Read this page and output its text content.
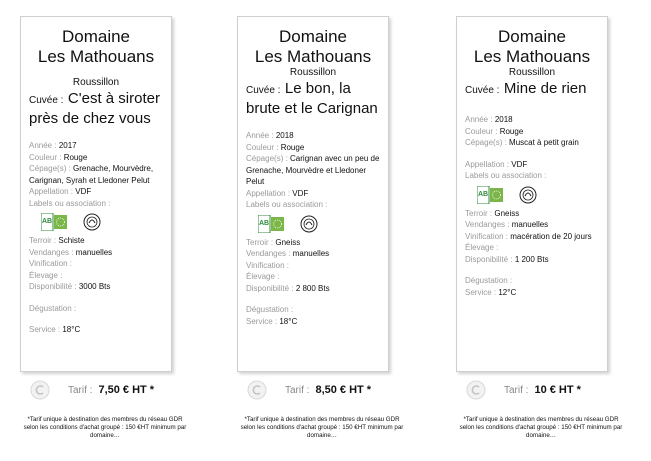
Domaine
Les Mathouans
Roussillon
Cuvée : C'est à siroter près de chez vous
Année : 2017
Couleur : Rouge
Cépage(s) : Grenache, Mourvèdre, Carignan, Syrah et Lledoner Pelut
Appellation : VDF
Labels ou association :
AB
Terroir : Schiste
Vendanges : manuelles
Vinification :
Élevage :
Disponibilité : 3000 Bts
Dégustation :
Service : 18°C
Domaine
Les Mathouans
Roussillon
Cuvée : Le bon, la brute et le Carignan
Année : 2018
Couleur : Rouge
Cépage(s) : Carignan avec un peu de Grenache, Mourvèdre et Lledoner Pelut
Appellation : VDF
Labels ou association :
AB
Terroir : Gneiss
Vendanges : manuelles
Vinification :
Élevage :
Disponibilité : 2 800 Bts
Dégustation :
Service : 18°C
Domaine
Les Mathouans
Roussillon
Cuvée : Mine de rien
Année : 2018
Couleur : Rouge
Cépage(s) : Muscat à petit grain
Appellation : VDF
Labels ou association :
AB
Terroir : Gneiss
Vendanges : manuelles
Vinification : macération de 20 jours
Élevage :
Disponibilité : 1 200 Bts
Dégustation :
Service : 12°C
Tarif : 7,50 € HT *
*Tarif unique à destination des membres du réseau GDR selon les conditions d'achat groupé : 150 €HT minimum par domaine…
Tarif : 8,50 € HT *
*Tarif unique à destination des membres du réseau GDR selon les conditions d'achat groupé : 150 €HT minimum par domaine…
Tarif : 10 € HT *
*Tarif unique à destination des membres du réseau GDR selon les conditions d'achat groupé : 150 €HT minimum par domaine…
